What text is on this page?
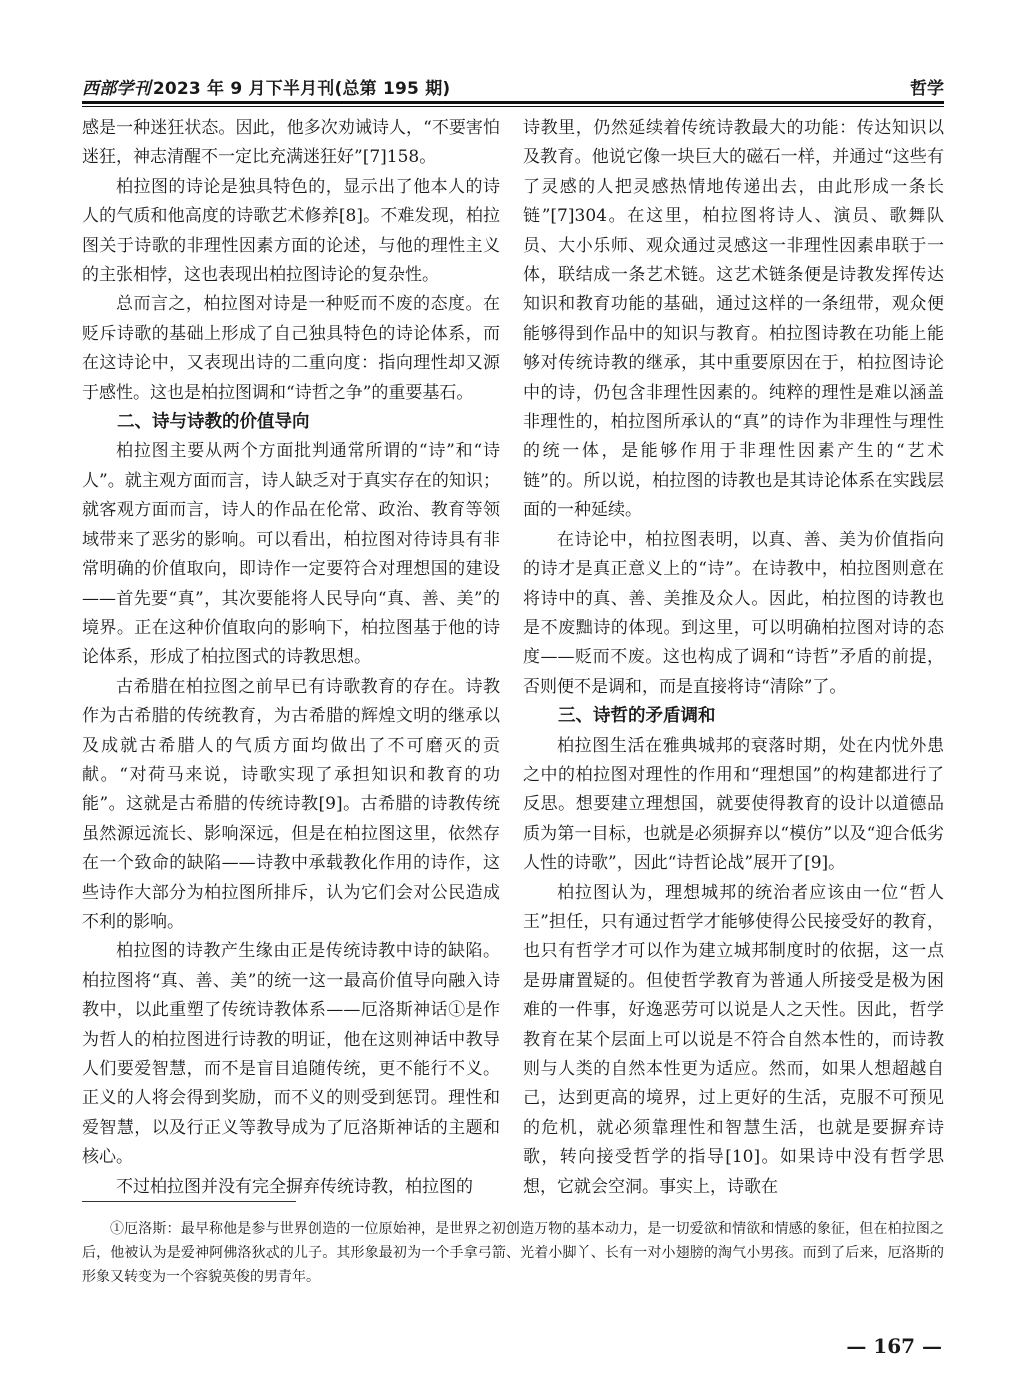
西部学刊 2023 年 9 月下半月刊(总第 195 期)	哲学

感是一种迷狂状态。因此，他多次劝诫诗人，“不要害怕迷狂，神志清醒不一定比充满迷狂好”[7]158。

柏拉图的诗论是独具特色的，显示出了他本人的诗人的气质和他高度的诗歌艺术修养[8]。不难发现，柏拉图关于诗歌的非理性因素方面的论述，与他的理性主义的主张相悖，这也表现出柏拉图诗论的复杂性。

总而言之，柏拉图对诗是一种贬而不废的态度。在贬斥诗歌的基础上形成了自己独具特色的诗论体系，而在这诗论中，又表现出诗的二重向度：指向理性却又源于感性。这也是柏拉图调和“诗哲之争”的重要基石。

二、诗与诗教的价值导向

柏拉图主要从两个方面批判通常所谓的“诗”和“诗人”。就主观方面而言，诗人缺乏对于真实存在的知识；就客观方面而言，诗人的作品在伦常、政治、教育等领域带来了恶劣的影响。可以看出，柏拉图对待诗具有非常明确的价值取向，即诗作一定要符合对理想国的建设——首先要“真”，其次要能将人民导向“真、善、美”的境界。正在这种价值取向的影响下，柏拉图基于他的诗论体系，形成了柏拉图式的诗教思想。

古希腊在柏拉图之前早已有诗歌教育的存在。诗教作为古希腊的传统教育，为古希腊的辉煌文明的继承以及成就古希腊人的气质方面均做出了不可磨灭的贡献。“对荷马来说，诗歌实现了承担知识和教育的功能”。这就是古希腊的传统诗教[9]。古希腊的诗教传统虽然源远流长、影响深远，但是在柏拉图这里，依然存在一个致命的缺陷——诗教中承载教化作用的诗作，这些诗作大部分为柏拉图所排斥，认为它们会对公民造成不利的影响。

柏拉图的诗教产生缘由正是传统诗教中诗的缺陷。柏拉图将“真、善、美”的统一这一最高价值导向融入诗教中，以此重塑了传统诗教体系——厄洛斯神话①是作为哲人的柏拉图进行诗教的明证，他在这则神话中教导人们要爱智慧，而不是盲目追随传统，更不能行不义。正义的人将会得到奖励，而不义的则受到惩罚。理性和爱智慧，以及行正义等教导成为了厄洛斯神话的主题和核心。

不过柏拉图并没有完全摒弃传统诗教，柏拉图的

诗教里，仍然延续着传统诗教最大的功能：传达知识以及教育。他说它像一块巨大的磁石一样，并通过“这些有了灵感的人把灵感热情地传递出去，由此形成一条长链”[7]304。在这里，柏拉图将诗人、演员、歌舞队员、大小乐师、观众通过灵感这一非理性因素串联于一体，联结成一条艺术链。这艺术链条便是诗教发挥传达知识和教育功能的基础，通过这样的一条纽带，观众便能够得到作品中的知识与教育。柏拉图诗教在功能上能够对传统诗教的继承，其中重要原因在于，柏拉图诗论中的诗，仍包含非理性因素的。纯粹的理性是难以涵盖非理性的，柏拉图所承认的“真”的诗作为非理性与理性的统一体，是能够作用于非理性因素产生的“艺术链”的。所以说，柏拉图的诗教也是其诗论体系在实践层面的一种延续。

在诗论中，柏拉图表明，以真、善、美为价值指向的诗才是真正意义上的“诗”。在诗教中，柏拉图则意在将诗中的真、善、美推及众人。因此，柏拉图的诗教也是不废黜诗的体现。到这里，可以明确柏拉图对诗的态度——贬而不废。这也构成了调和“诗哲”矛盾的前提，否则便不是调和，而是直接将诗“清除”了。

三、诗哲的矛盾调和

柏拉图生活在雅典城邦的衰落时期，处在内忧外患之中的柏拉图对理性的作用和“理想国”的构建都进行了反思。想要建立理想国，就要使得教育的设计以道德品质为第一目标，也就是必须摒弃以“模仿”以及“迎合低劣人性的诗歌”，因此“诗哲论战”展开了[9]。

柏拉图认为，理想城邦的统治者应该由一位“哲人王”担任，只有通过哲学才能够使得公民接受好的教育，也只有哲学才可以作为建立城邦制度时的依据，这一点是毋庸置疑的。但使哲学教育为普通人所接受是极为困难的一件事，好逸恶劳可以说是人之天性。因此，哲学教育在某个层面上可以说是不符合自然本性的，而诗教则与人类的自然本性更为适应。然而，如果人想超越自己，达到更高的境界，过上更好的生活，克服不可预见的危机，就必须靠理性和智慧生活，也就是要摒弃诗歌，转向接受哲学的指导[10]。如果诗中没有哲学思想，它就会空洞。事实上，诗歌在

①厄洛斯：最早称他是参与世界创造的一位原始神，是世界之初创造万物的基本动力，是一切爱欲和情欲和情感的象征，但在柏拉图之后，他被认为是爱神阿佛洛狄忒的儿子。其形象最初为一个手拿弓箭、光着小脚丫、长有一对小翅膀的淘气小男孩。而到了后来，厄洛斯的形象又转变为一个容貌英俊的男青年。
— 167 —
